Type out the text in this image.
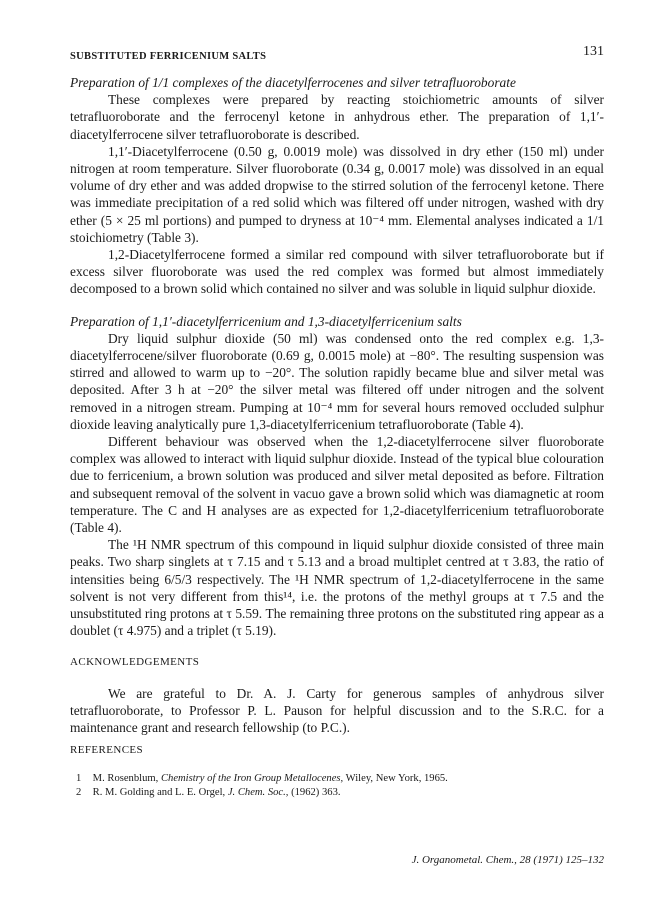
SUBSTITUTED FERRICENIUM SALTS	131

Preparation of 1/1 complexes of the diacetylferrocenes and silver tetrafluoroborate

These complexes were prepared by reacting stoichiometric amounts of silver tetrafluoroborate and the ferrocenyl ketone in anhydrous ether. The preparation of 1,1′-diacetylferrocene silver tetrafluoroborate is described.

1,1′-Diacetylferrocene (0.50 g, 0.0019 mole) was dissolved in dry ether (150 ml) under nitrogen at room temperature. Silver fluoroborate (0.34 g, 0.0017 mole) was dissolved in an equal volume of dry ether and was added dropwise to the stirred solution of the ferrocenyl ketone. There was immediate precipitation of a red solid which was filtered off under nitrogen, washed with dry ether (5 × 25 ml portions) and pumped to dryness at 10⁻⁴ mm. Elemental analyses indicated a 1/1 stoichiometry (Table 3).

1,2-Diacetylferrocene formed a similar red compound with silver tetrafluoroborate but if excess silver fluoroborate was used the red complex was formed but almost immediately decomposed to a brown solid which contained no silver and was soluble in liquid sulphur dioxide.

Preparation of 1,1′-diacetylferricenium and 1,3-diacetylferricenium salts

Dry liquid sulphur dioxide (50 ml) was condensed onto the red complex e.g. 1,3-diacetylferrocene/silver fluoroborate (0.69 g, 0.0015 mole) at −80°. The resulting suspension was stirred and allowed to warm up to −20°. The solution rapidly became blue and silver metal was deposited. After 3 h at −20° the silver metal was filtered off under nitrogen and the solvent removed in a nitrogen stream. Pumping at 10⁻⁴ mm for several hours removed occluded sulphur dioxide leaving analytically pure 1,3-diacetylferricenium tetrafluoroborate (Table 4).

Different behaviour was observed when the 1,2-diacetylferrocene silver fluoroborate complex was allowed to interact with liquid sulphur dioxide. Instead of the typical blue colouration due to ferricenium, a brown solution was produced and silver metal deposited as before. Filtration and subsequent removal of the solvent in vacuo gave a brown solid which was diamagnetic at room temperature. The C and H analyses are as expected for 1,2-diacetylferricenium tetrafluoroborate (Table 4).

The ¹H NMR spectrum of this compound in liquid sulphur dioxide consisted of three main peaks. Two sharp singlets at τ 7.15 and τ 5.13 and a broad multiplet centred at τ 3.83, the ratio of intensities being 6/5/3 respectively. The ¹H NMR spectrum of 1,2-diacetylferrocene in the same solvent is not very different from this¹⁴, i.e. the protons of the methyl groups at τ 7.5 and the unsubstituted ring protons at τ 5.59. The remaining three protons on the substituted ring appear as a doublet (τ 4.975) and a triplet (τ 5.19).

ACKNOWLEDGEMENTS

We are grateful to Dr. A. J. Carty for generous samples of anhydrous silver tetrafluoroborate, to Professor P. L. Pauson for helpful discussion and to the S.R.C. for a maintenance grant and research fellowship (to P.C.).

REFERENCES
1 M. Rosenblum, Chemistry of the Iron Group Metallocenes, Wiley, New York, 1965.
2 R. M. Golding and L. E. Orgel, J. Chem. Soc., (1962) 363.
J. Organometal. Chem., 28 (1971) 125–132
